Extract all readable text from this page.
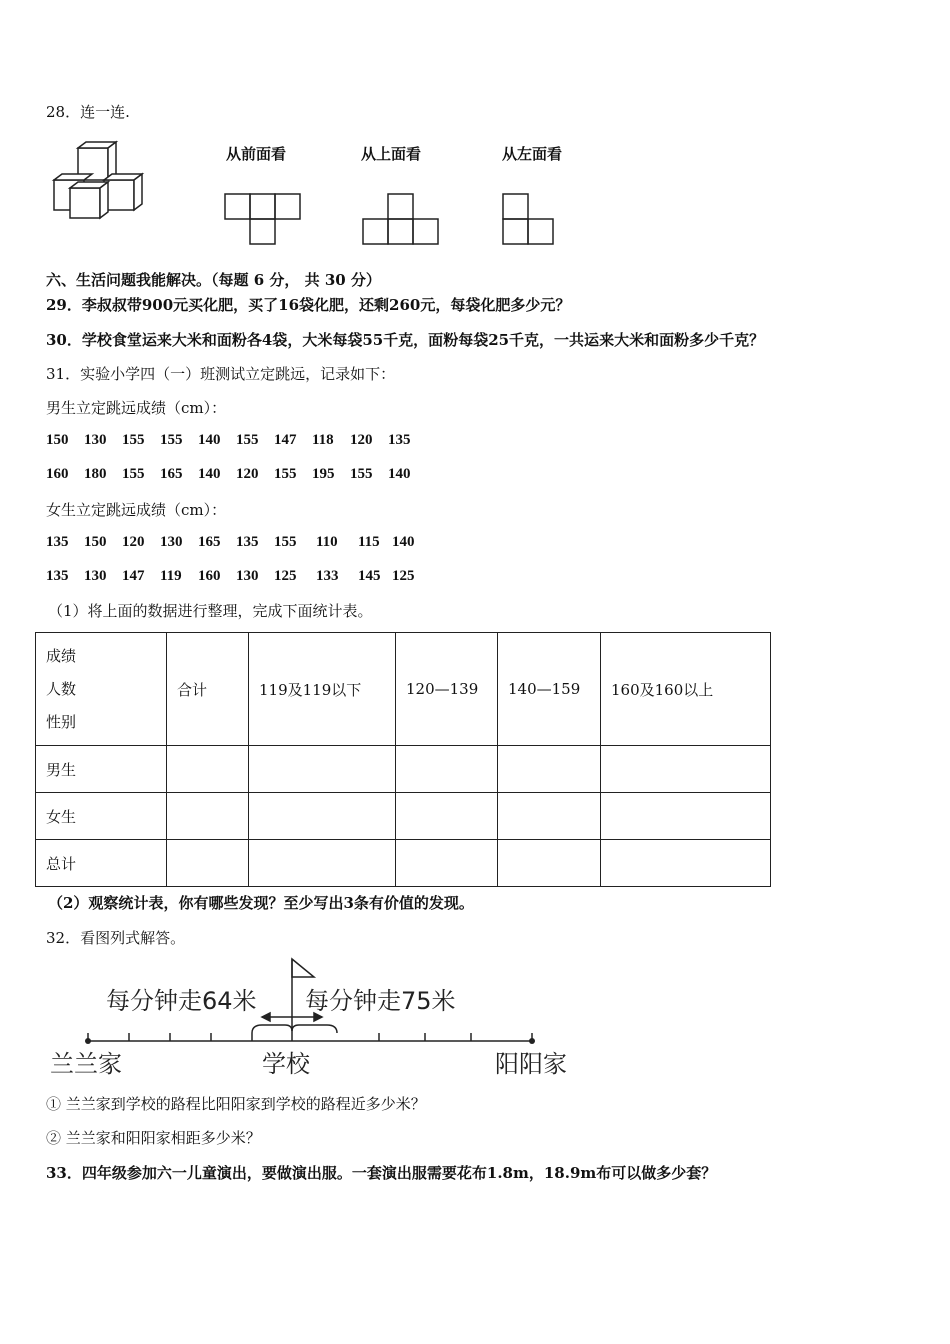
28．连一连.
从前面看	从上面看	从左面看
六、生活问题我能解决。（每题 6 分， 共 30 分）
29．李叔叔带900元买化肥，买了16袋化肥，还剩260元，每袋化肥多少元？
30．学校食堂运来大米和面粉各4袋，大米每袋55千克，面粉每袋25千克，一共运来大米和面粉多少千克？
31．实验小学四（一）班测试立定跳远，记录如下：
男生立定跳远成绩（cm）：
150 130 155 155 140 155 147 118 120 135
160 180 155 165 140 120 155 195 155 140
女生立定跳远成绩（cm）：
135 150 120 130 165 135 155 110 115 140
135 130 147 119 160 130 125 133 145 125
（1）将上面的数据进行整理，完成下面统计表。
成绩
人数
性别	合计	119及119以下	120—139	140—159	160及160以上
男生					
女生					
总计					
（2）观察统计表，你有哪些发现？至少写出3条有价值的发现。
32．看图列式解答。
每分钟走64米 每分钟走75米
兰兰家	学校	阳阳家
① 兰兰家到学校的路程比阳阳家到学校的路程近多少米？
② 兰兰家和阳阳家相距多少米？
33．四年级参加六一儿童演出，要做演出服。一套演出服需要花布1.8m，18.9m布可以做多少套？
